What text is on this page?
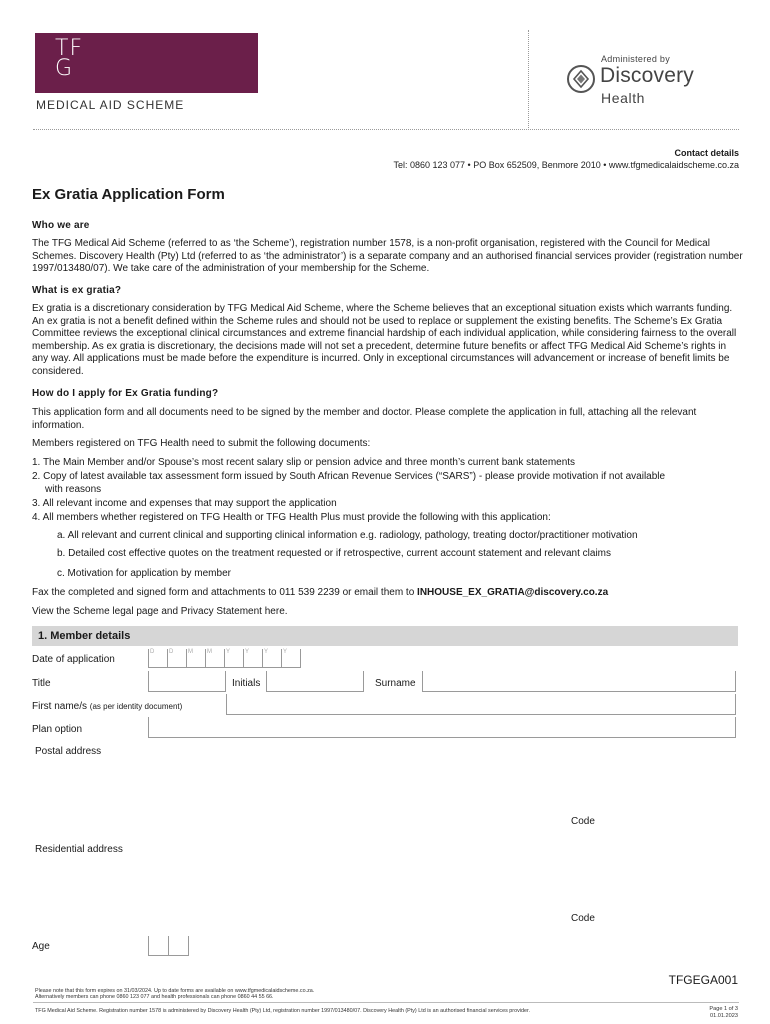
TF
G
MEDICAL AID SCHEME
Administered by
Discovery
Health
Contact details
Tel: 0860 123 077 • PO Box 652509, Benmore 2010 • www.tfgmedicalaidscheme.co.za
Ex Gratia Application Form
Who we are
The TFG Medical Aid Scheme (referred to as ‘the Scheme’), registration number 1578, is a non-profit organisation, registered with the Council for Medical Schemes. Discovery Health (Pty) Ltd (referred to as ‘the administrator’) is a separate company and an authorised financial services provider (registration number 1997/013480/07). We take care of the administration of your membership for the Scheme.
What is ex gratia?
Ex gratia is a discretionary consideration by TFG Medical Aid Scheme, where the Scheme believes that an exceptional situation exists which warrants funding. An ex gratia is not a benefit defined within the Scheme rules and should not be used to replace or supplement the existing benefits. The Scheme’s Ex Gratia Committee reviews the exceptional clinical circumstances and extreme financial hardship of each individual application, while considering fairness to the overall membership. As ex gratia is discretionary, the decisions made will not set a precedent, determine future benefits or affect TFG Medical Aid Scheme’s rights in any way. All applications must be made before the expenditure is incurred. Only in exceptional circumstances will advancement or increase of benefit limits be considered.
How do I apply for Ex Gratia funding?
This application form and all documents need to be signed by the member and doctor. Please complete the application in full, attaching all the relevant information.
Members registered on TFG Health need to submit the following documents:
1. The Main Member and/or Spouse’s most recent salary slip or pension advice and three month’s current bank statements
2. Copy of latest available tax assessment form issued by South African Revenue Services (“SARS”) - please provide motivation if not available
with reasons
3. All relevant income and expenses that may support the application
4. All members whether registered on TFG Health or TFG Health Plus must provide the following with this application:
a. All relevant and current clinical and supporting clinical information e.g. radiology, pathology, treating doctor/practitioner motivation
b. Detailed cost effective quotes on the treatment requested or if retrospective, current account statement and relevant claims
c. Motivation for application by member
Fax the completed and signed form and attachments to 011 539 2239 or email them to INHOUSE_EX_GRATIA@discovery.co.za
View the Scheme legal page and Privacy Statement here.
1. Member details
Date of application
D	D	M	M	Y	Y	Y	Y
Title	Initials	Surname
First name/s (as per identity document)
Plan option
Postal address
Code
Residential address
Code
Age
TFGEGA001
Please note that this form expires on 31/03/2024. Up to date forms are available on www.tfgmedicalaidscheme.co.za.
Alternatively members can phone 0860 123 077 and health professionals can phone 0860 44 55 66.
TFG Medical Aid Scheme. Registration number 1578 is administered by Discovery Health (Pty) Ltd, registration number 1997/013480/07. Discovery Health (Pty) Ltd is an authorised financial services provider.	Page 1 of 3
01.01.2023
